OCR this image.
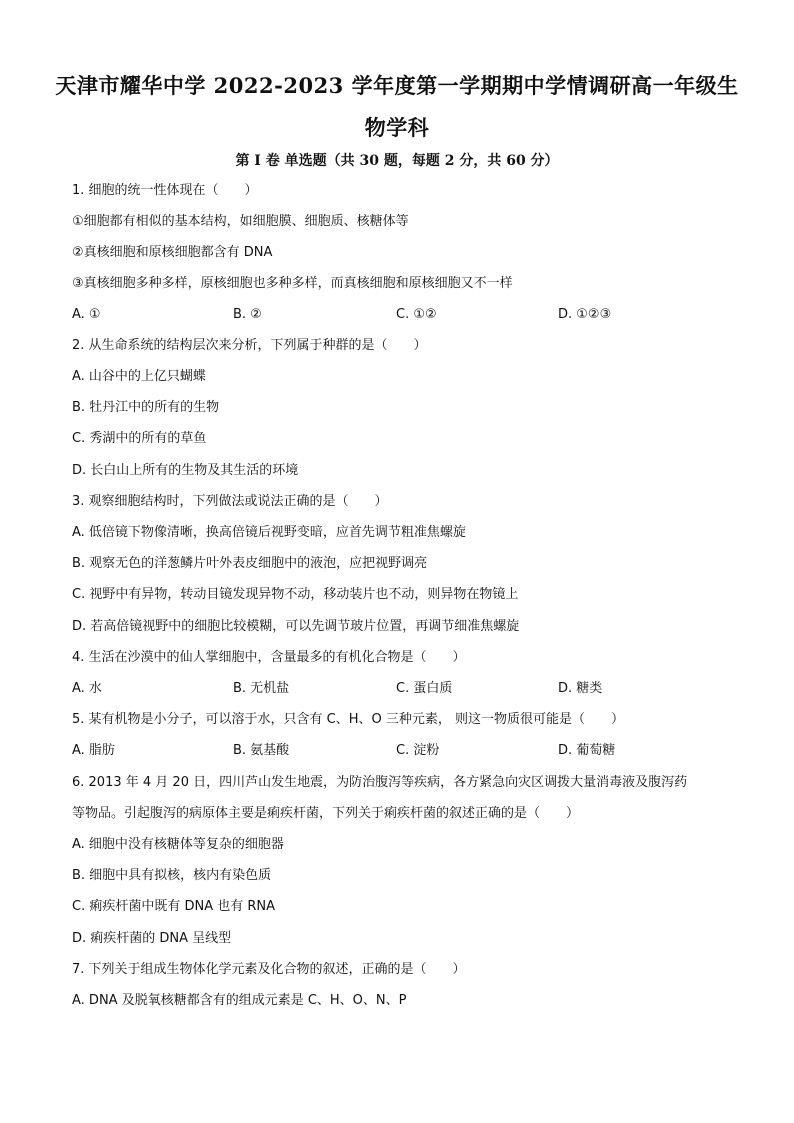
天津市耀华中学 2022-2023 学年度第一学期期中学情调研高一年级生
物学科
第 I 卷 单选题（共 30 题，每题 2 分，共 60 分）
1. 细胞的统一性体现在（　　）
①细胞都有相似的基本结构，如细胞膜、细胞质、核糖体等
②真核细胞和原核细胞都含有 DNA
③真核细胞多种多样，原核细胞也多种多样，而真核细胞和原核细胞又不一样
A. ①	B. ②	C. ①②	D. ①②③
2. 从生命系统的结构层次来分析，下列属于种群的是（　　）
A. 山谷中的上亿只蝴蝶
B. 牡丹江中的所有的生物
C. 秀湖中的所有的草鱼
D. 长白山上所有的生物及其生活的环境
3. 观察细胞结构时，下列做法或说法正确的是（　　）
A. 低倍镜下物像清晰，换高倍镜后视野变暗，应首先调节粗准焦螺旋
B. 观察无色的洋葱鳞片叶外表皮细胞中的液泡，应把视野调亮
C. 视野中有异物，转动目镜发现异物不动，移动装片也不动，则异物在物镜上
D. 若高倍镜视野中的细胞比较模糊，可以先调节玻片位置，再调节细准焦螺旋
4. 生活在沙漠中的仙人掌细胞中，含量最多的有机化合物是（　　）
A. 水	B. 无机盐	C. 蛋白质	D. 糖类
5. 某有机物是小分子，可以溶于水，只含有 C、H、O 三种元素， 则这一物质很可能是（　　）
A. 脂肪	B. 氨基酸	C. 淀粉	D. 葡萄糖
6. 2013 年 4 月 20 日，四川芦山发生地震，为防治腹泻等疾病，各方紧急向灾区调拨大量消毒液及腹泻药
等物品。引起腹泻的病原体主要是痢疾杆菌，下列关于痢疾杆菌的叙述正确的是（　　）
A. 细胞中没有核糖体等复杂的细胞器
B. 细胞中具有拟核，核内有染色质
C. 痢疾杆菌中既有 DNA 也有 RNA
D. 痢疾杆菌的 DNA 呈线型
7. 下列关于组成生物体化学元素及化合物的叙述，正确的是（　　）
A. DNA 及脱氧核糖都含有的组成元素是 C、H、O、N、P
